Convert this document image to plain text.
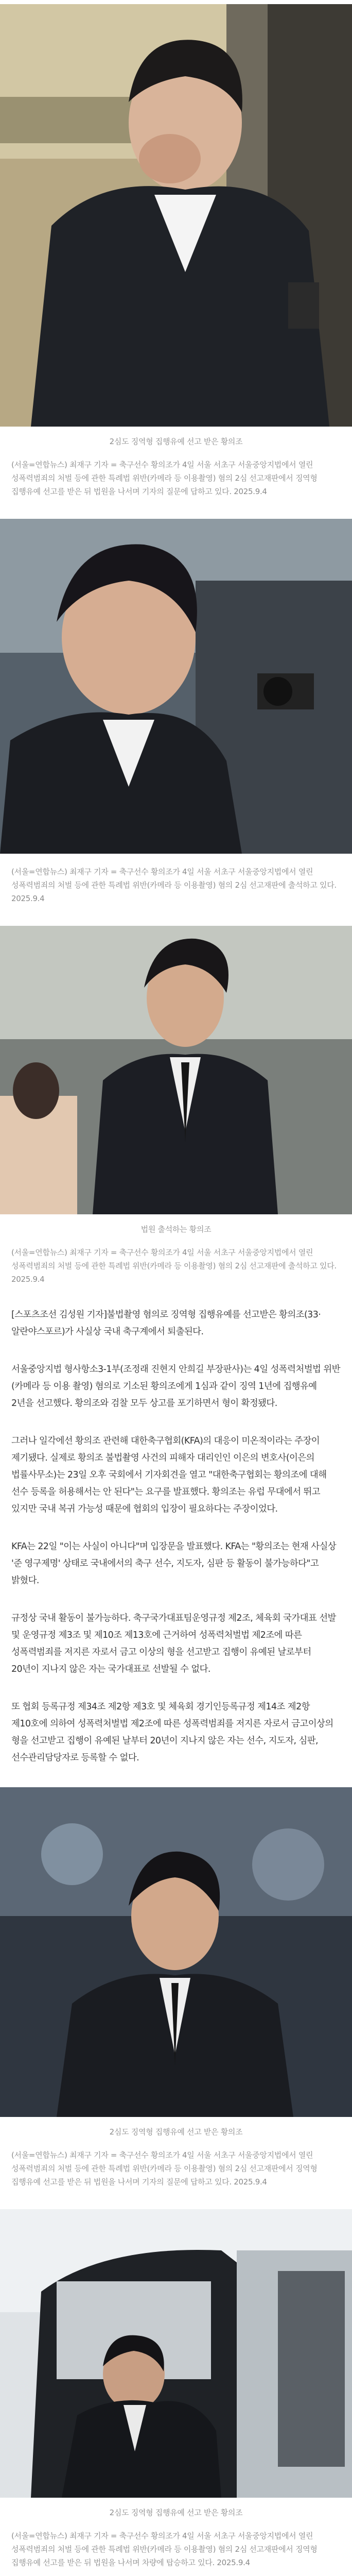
2심도 징역형 집행유예 선고 받은 황의조
(서울=연합뉴스) 최재구 기자 = 축구선수 황의조가 4일 서울 서초구 서울중앙지법에서 열린 성폭력범죄의 처벌 등에 관한 특례법 위반(카메라 등 이용촬영) 혐의 2심 선고재판에서 징역형 집행유예 선고를 받은 뒤 법원을 나서며 기자의 질문에 답하고 있다. 2025.9.4
(서울=연합뉴스) 최재구 기자 = 축구선수 황의조가 4일 서울 서초구 서울중앙지법에서 열린 성폭력범죄의 처벌 등에 관한 특례법 위반(카메라 등 이용촬영) 혐의 2심 선고재판에 출석하고 있다. 2025.9.4
법원 출석하는 황의조
(서울=연합뉴스) 최재구 기자 = 축구선수 황의조가 4일 서울 서초구 서울중앙지법에서 열린 성폭력범죄의 처벌 등에 관한 특례법 위반(카메라 등 이용촬영) 혐의 2심 선고재판에 출석하고 있다. 2025.9.4
[스포츠조선 김성원 기자]불법촬영 혐의로 징역형 집행유예를 선고받은 황의조(33·알란야스포르)가 사실상 국내 축구계에서 퇴출된다.
서울중앙지법 형사항소3-1부(조정래 진현지 안희길 부장판사)는 4일 성폭력처벌법 위반(카메라 등 이용 촬영) 혐의로 기소된 황의조에게 1심과 같이 징역 1년에 집행유예 2년을 선고했다. 황의조와 검찰 모두 상고를 포기하면서 형이 확정됐다.
그러나 일각에선 황의조 관련해 대한축구협회(KFA)의 대응이 미온적이라는 주장이 제기됐다. 실제로 황의조 불법촬영 사건의 피해자 대리인인 이은의 변호사(이은의 법률사무소)는 23일 오후 국회에서 기자회견을 열고 "대한축구협회는 황의조에 대해 선수 등록을 허용해서는 안 된다"는 요구를 발표했다. 황의조는 유럽 무대에서 뛰고 있지만 국내 복귀 가능성 때문에 협회의 입장이 필요하다는 주장이었다.
KFA는 22일 "이는 사실이 아니다"며 입장문을 발표했다. KFA는 "황의조는 현재 사실상 '준 영구제명' 상태로 국내에서의 축구 선수, 지도자, 심판 등 활동이 불가능하다"고 밝혔다.
규정상 국내 활동이 불가능하다. 축구국가대표팀운영규정 제2조, 체육회 국가대표 선발 및 운영규정 제3조 및 제10조 제13호에 근거하여 성폭력처벌법 제2조에 따른 성폭력범죄를 저지른 자로서 금고 이상의 형을 선고받고 집행이 유예된 날로부터 20년이 지나지 않은 자는 국가대표로 선발될 수 없다.
또 협회 등록규정 제34조 제2항 제3호 및 체육회 경기인등록규정 제14조 제2항 제10호에 의하여 성폭력처벌법 제2조에 따른 성폭력범죄를 저지른 자로서 금고이상의 형을 선고받고 집행이 유예된 날부터 20년이 지나지 않은 자는 선수, 지도자, 심판, 선수관리담당자로 등록할 수 없다.
2심도 징역형 집행유예 선고 받은 황의조
(서울=연합뉴스) 최재구 기자 = 축구선수 황의조가 4일 서울 서초구 서울중앙지법에서 열린 성폭력범죄의 처벌 등에 관한 특례법 위반(카메라 등 이용촬영) 혐의 2심 선고재판에서 징역형 집행유예 선고를 받은 뒤 법원을 나서며 기자의 질문에 답하고 있다. 2025.9.4
2심도 징역형 집행유예 선고 받은 황의조
(서울=연합뉴스) 최재구 기자 = 축구선수 황의조가 4일 서울 서초구 서울중앙지법에서 열린 성폭력범죄의 처벌 등에 관한 특례법 위반(카메라 등 이용촬영) 혐의 2심 선고재판에서 징역형 집행유예 선고를 받은 뒤 법원을 나서며 차량에 탑승하고 있다. 2025.9.4
